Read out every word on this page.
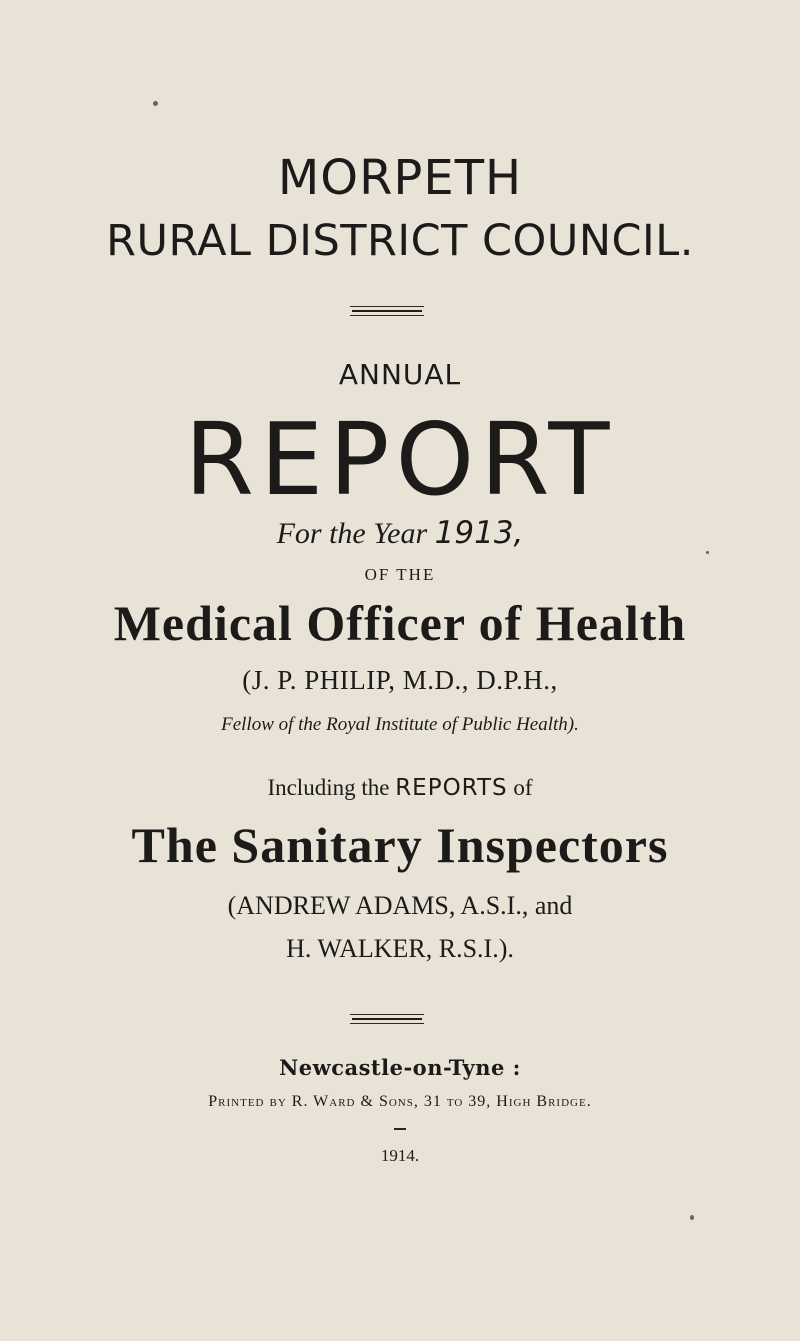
MORPETH
RURAL DISTRICT COUNCIL.
ANNUAL
REPORT
For the Year 1913,
OF THE
Medical Officer of Health
(J. P. PHILIP, M.D., D.P.H.,
Fellow of the Royal Institute of Public Health).
Including the REPORTS of
The Sanitary Inspectors
(ANDREW ADAMS, A.S.I., and
H. WALKER, R.S.I.).
Newcastle-on-Tyne :
Printed by R. Ward & Sons, 31 to 39, High Bridge.
1914.
